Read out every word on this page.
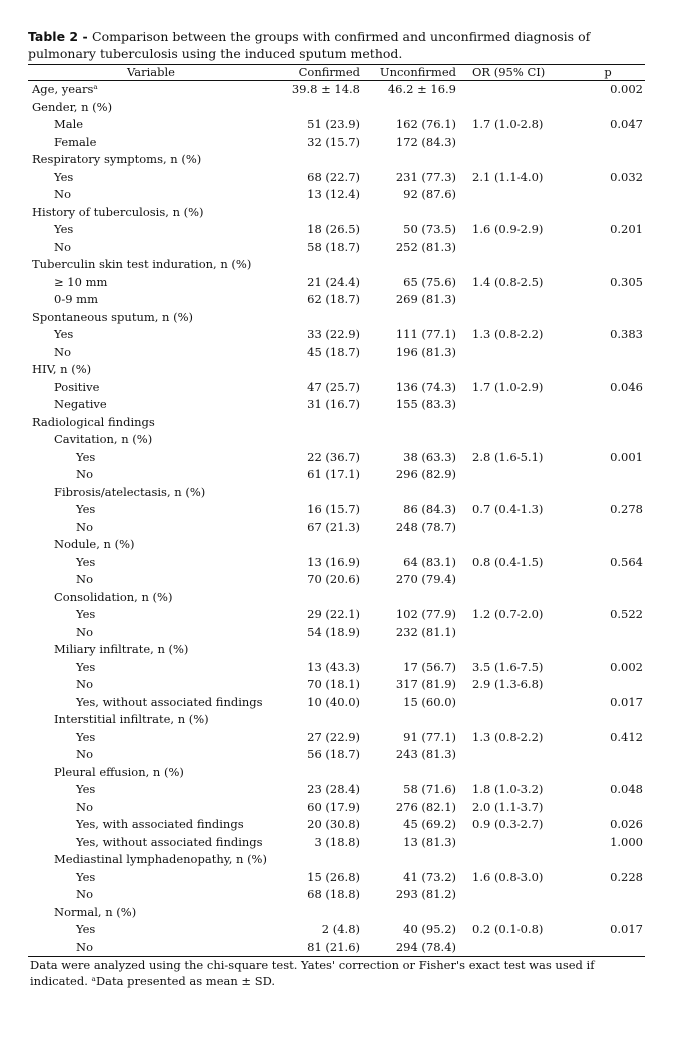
Table 2 - Comparison between the groups with confirmed and unconfirmed diagnosis of pulmonary tuberculosis using the induced sputum method.
Variable	Confirmed	Unconfirmed	OR (95% CI)	p
Age, yearsᵃ	39.8 ± 14.8	46.2 ± 16.9		0.002
Gender, n (%)				
Male	51 (23.9)	162 (76.1)	1.7 (1.0-2.8)	0.047
Female	32 (15.7)	172 (84.3)		
Respiratory symptoms, n (%)				
Yes	68 (22.7)	231 (77.3)	2.1 (1.1-4.0)	0.032
No	13 (12.4)	92 (87.6)		
History of tuberculosis, n (%)				
Yes	18 (26.5)	50 (73.5)	1.6 (0.9-2.9)	0.201
No	58 (18.7)	252 (81.3)		
Tuberculin skin test induration, n (%)				
≥ 10 mm	21 (24.4)	65 (75.6)	1.4 (0.8-2.5)	0.305
0-9 mm	62 (18.7)	269 (81.3)		
Spontaneous sputum, n (%)				
Yes	33 (22.9)	111 (77.1)	1.3 (0.8-2.2)	0.383
No	45 (18.7)	196 (81.3)		
HIV, n (%)				
Positive	47 (25.7)	136 (74.3)	1.7 (1.0-2.9)	0.046
Negative	31 (16.7)	155 (83.3)		
Radiological findings				
Cavitation, n (%)				
Yes	22 (36.7)	38 (63.3)	2.8 (1.6-5.1)	0.001
No	61 (17.1)	296 (82.9)		
Fibrosis/atelectasis, n (%)				
Yes	16 (15.7)	86 (84.3)	0.7 (0.4-1.3)	0.278
No	67 (21.3)	248 (78.7)		
Nodule, n (%)				
Yes	13 (16.9)	64 (83.1)	0.8 (0.4-1.5)	0.564
No	70 (20.6)	270 (79.4)		
Consolidation, n (%)				
Yes	29 (22.1)	102 (77.9)	1.2 (0.7-2.0)	0.522
No	54 (18.9)	232 (81.1)		
Miliary infiltrate, n (%)				
Yes	13 (43.3)	17 (56.7)	3.5 (1.6-7.5)	0.002
No	70 (18.1)	317 (81.9)	2.9 (1.3-6.8)	
Yes, without associated findings	10 (40.0)	15 (60.0)		0.017
Interstitial infiltrate, n (%)				
Yes	27 (22.9)	91 (77.1)	1.3 (0.8-2.2)	0.412
No	56 (18.7)	243 (81.3)		
Pleural effusion, n (%)				
Yes	23 (28.4)	58 (71.6)	1.8 (1.0-3.2)	0.048
No	60 (17.9)	276 (82.1)	2.0 (1.1-3.7)	
Yes, with associated findings	20 (30.8)	45 (69.2)	0.9 (0.3-2.7)	0.026
Yes, without associated findings	3 (18.8)	13 (81.3)		1.000
Mediastinal lymphadenopathy, n (%)				
Yes	15 (26.8)	41 (73.2)	1.6 (0.8-3.0)	0.228
No	68 (18.8)	293 (81.2)		
Normal, n (%)				
Yes	2 (4.8)	40 (95.2)	0.2 (0.1-0.8)	0.017
No	81 (21.6)	294 (78.4)		
Data were analyzed using the chi-square test. Yates' correction or Fisher's exact test was used if indicated. ᵃData presented as mean ± SD.
